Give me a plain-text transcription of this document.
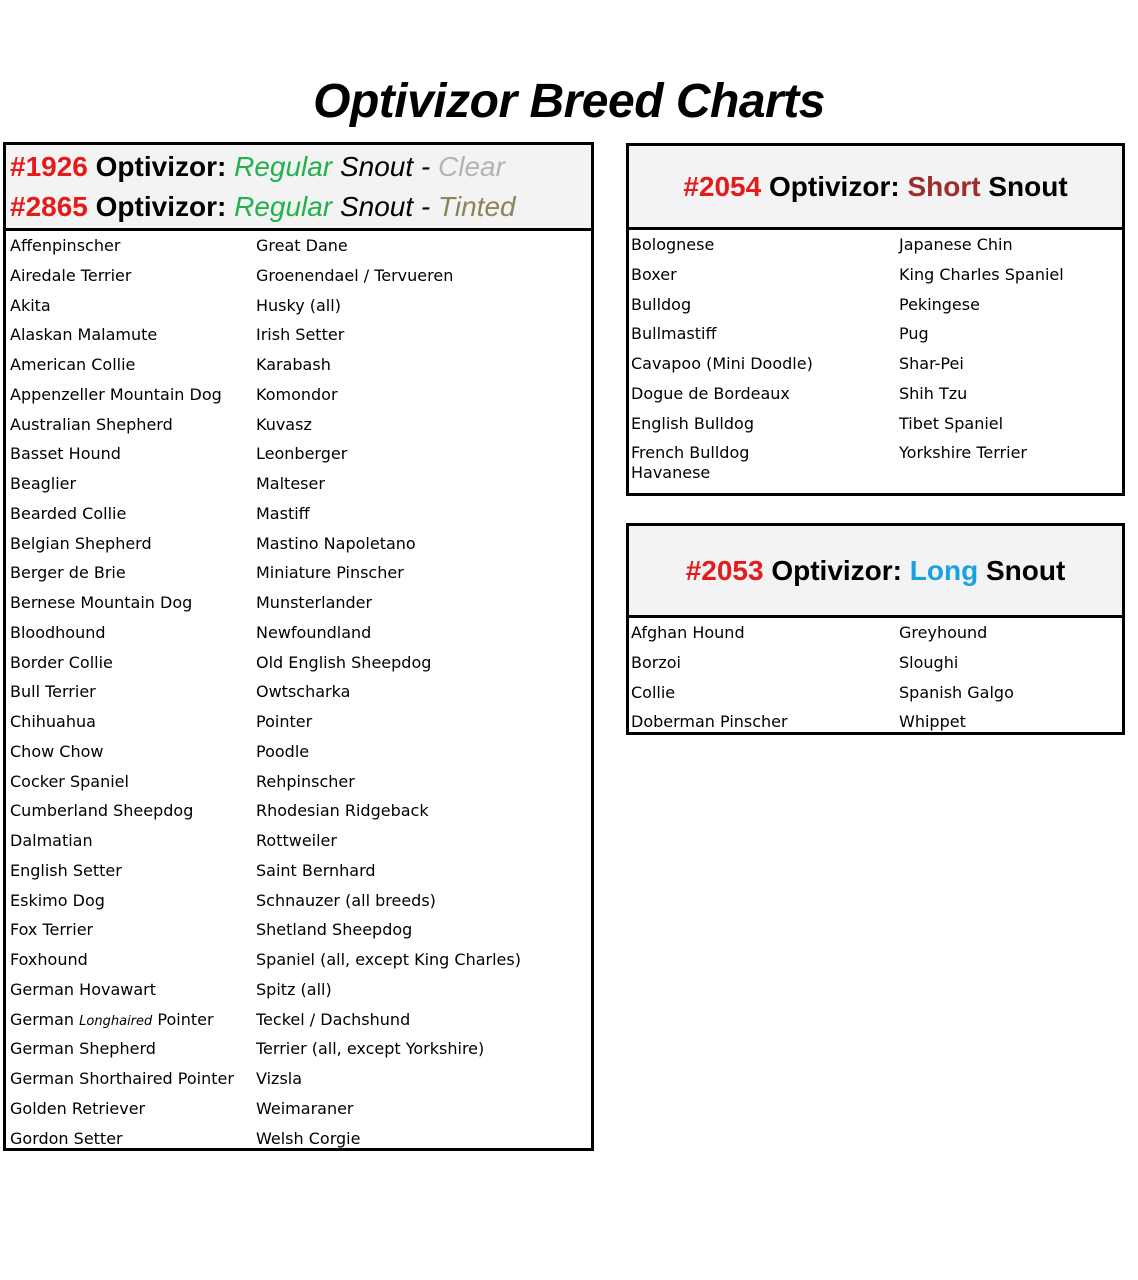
Optivizor Breed Charts
#1926 Optivizor: Regular Snout - Clear
#2865 Optivizor: Regular Snout - Tinted
Affenpinscher
Airedale Terrier
Akita
Alaskan Malamute
American Collie
Appenzeller Mountain Dog
Australian Shepherd
Basset Hound
Beaglier
Bearded Collie
Belgian Shepherd
Berger de Brie
Bernese Mountain Dog
Bloodhound
Border Collie
Bull Terrier
Chihuahua
Chow Chow
Cocker Spaniel
Cumberland Sheepdog
Dalmatian
English Setter
Eskimo Dog
Fox Terrier
Foxhound
German Hovawart
German Longhaired Pointer
German Shepherd
German Shorthaired Pointer
Golden Retriever
Gordon Setter
Great Dane
Groenendael / Tervueren
Husky (all)
Irish Setter
Karabash
Komondor
Kuvasz
Leonberger
Malteser
Mastiff
Mastino Napoletano
Miniature Pinscher
Munsterlander
Newfoundland
Old English Sheepdog
Owtscharka
Pointer
Poodle
Rehpinscher
Rhodesian Ridgeback
Rottweiler
Saint Bernhard
Schnauzer (all breeds)
Shetland Sheepdog
Spaniel (all, except King Charles)
Spitz (all)
Teckel / Dachshund
Terrier (all, except Yorkshire)
Vizsla
Weimaraner
Welsh Corgie
#2054 Optivizor: Short Snout
Bolognese
Boxer
Bulldog
Bullmastiff
Cavapoo (Mini Doodle)
Dogue de Bordeaux
English Bulldog
French Bulldog
Japanese Chin
King Charles Spaniel
Pekingese
Pug
Shar-Pei
Shih Tzu
Tibet Spaniel
Yorkshire Terrier
Havanese
#2053 Optivizor: Long Snout
Afghan Hound
Borzoi
Collie
Doberman Pinscher
Greyhound
Sloughi
Spanish Galgo
Whippet
